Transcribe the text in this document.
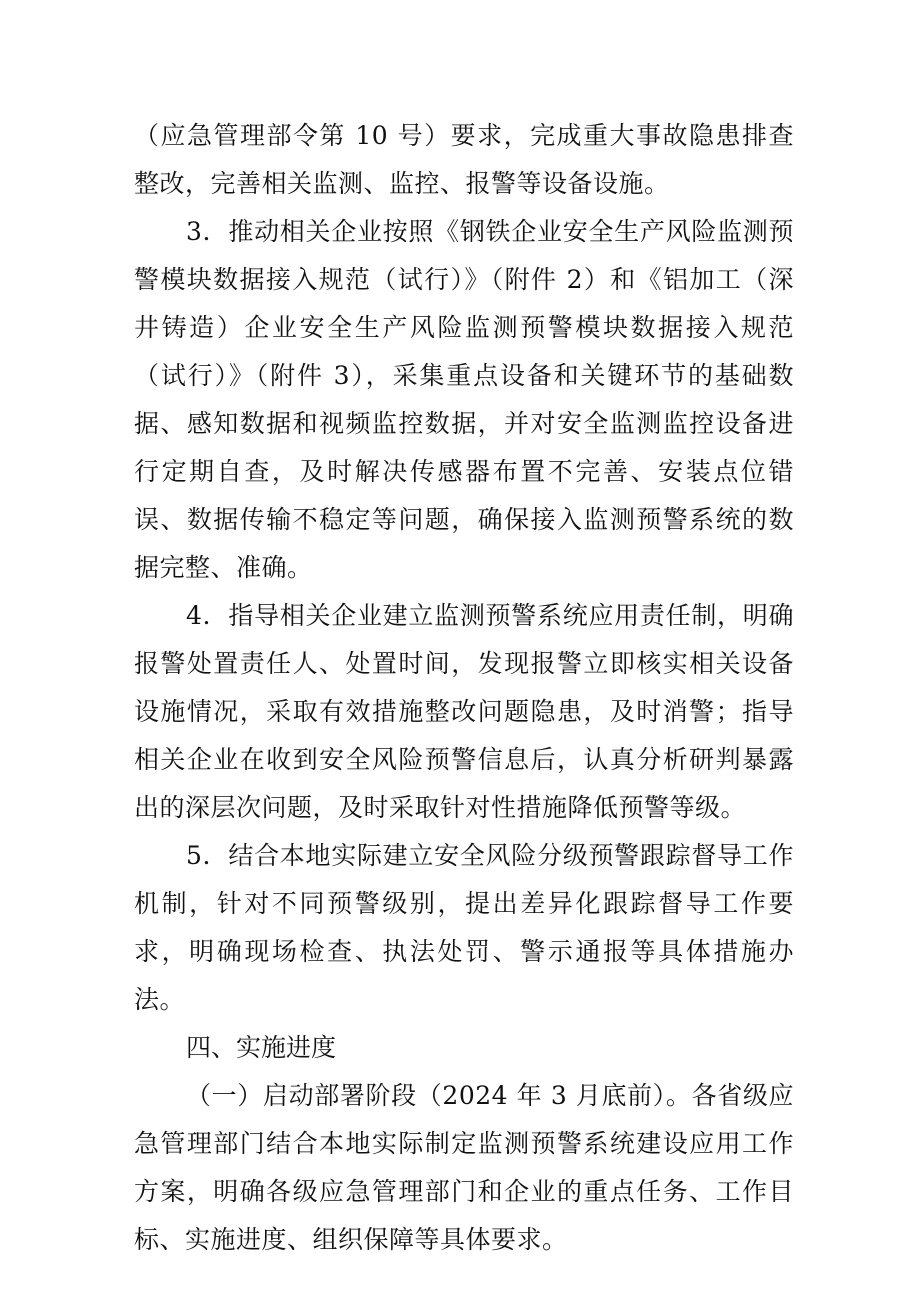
（应急管理部令第 10 号）要求，完成重大事故隐患排查整改，完善相关监测、监控、报警等设备设施。

3．推动相关企业按照《钢铁企业安全生产风险监测预警模块数据接入规范（试行）》（附件 2）和《铝加工（深井铸造）企业安全生产风险监测预警模块数据接入规范（试行）》（附件 3），采集重点设备和关键环节的基础数据、感知数据和视频监控数据，并对安全监测监控设备进行定期自查，及时解决传感器布置不完善、安装点位错误、数据传输不稳定等问题，确保接入监测预警系统的数据完整、准确。

4．指导相关企业建立监测预警系统应用责任制，明确报警处置责任人、处置时间，发现报警立即核实相关设备设施情况，采取有效措施整改问题隐患，及时消警；指导相关企业在收到安全风险预警信息后，认真分析研判暴露出的深层次问题，及时采取针对性措施降低预警等级。

5．结合本地实际建立安全风险分级预警跟踪督导工作机制，针对不同预警级别，提出差异化跟踪督导工作要求，明确现场检查、执法处罚、警示通报等具体措施办法。

四、实施进度

（一）启动部署阶段（2024 年 3 月底前）。各省级应急管理部门结合本地实际制定监测预警系统建设应用工作方案，明确各级应急管理部门和企业的重点任务、工作目标、实施进度、组织保障等具体要求。
